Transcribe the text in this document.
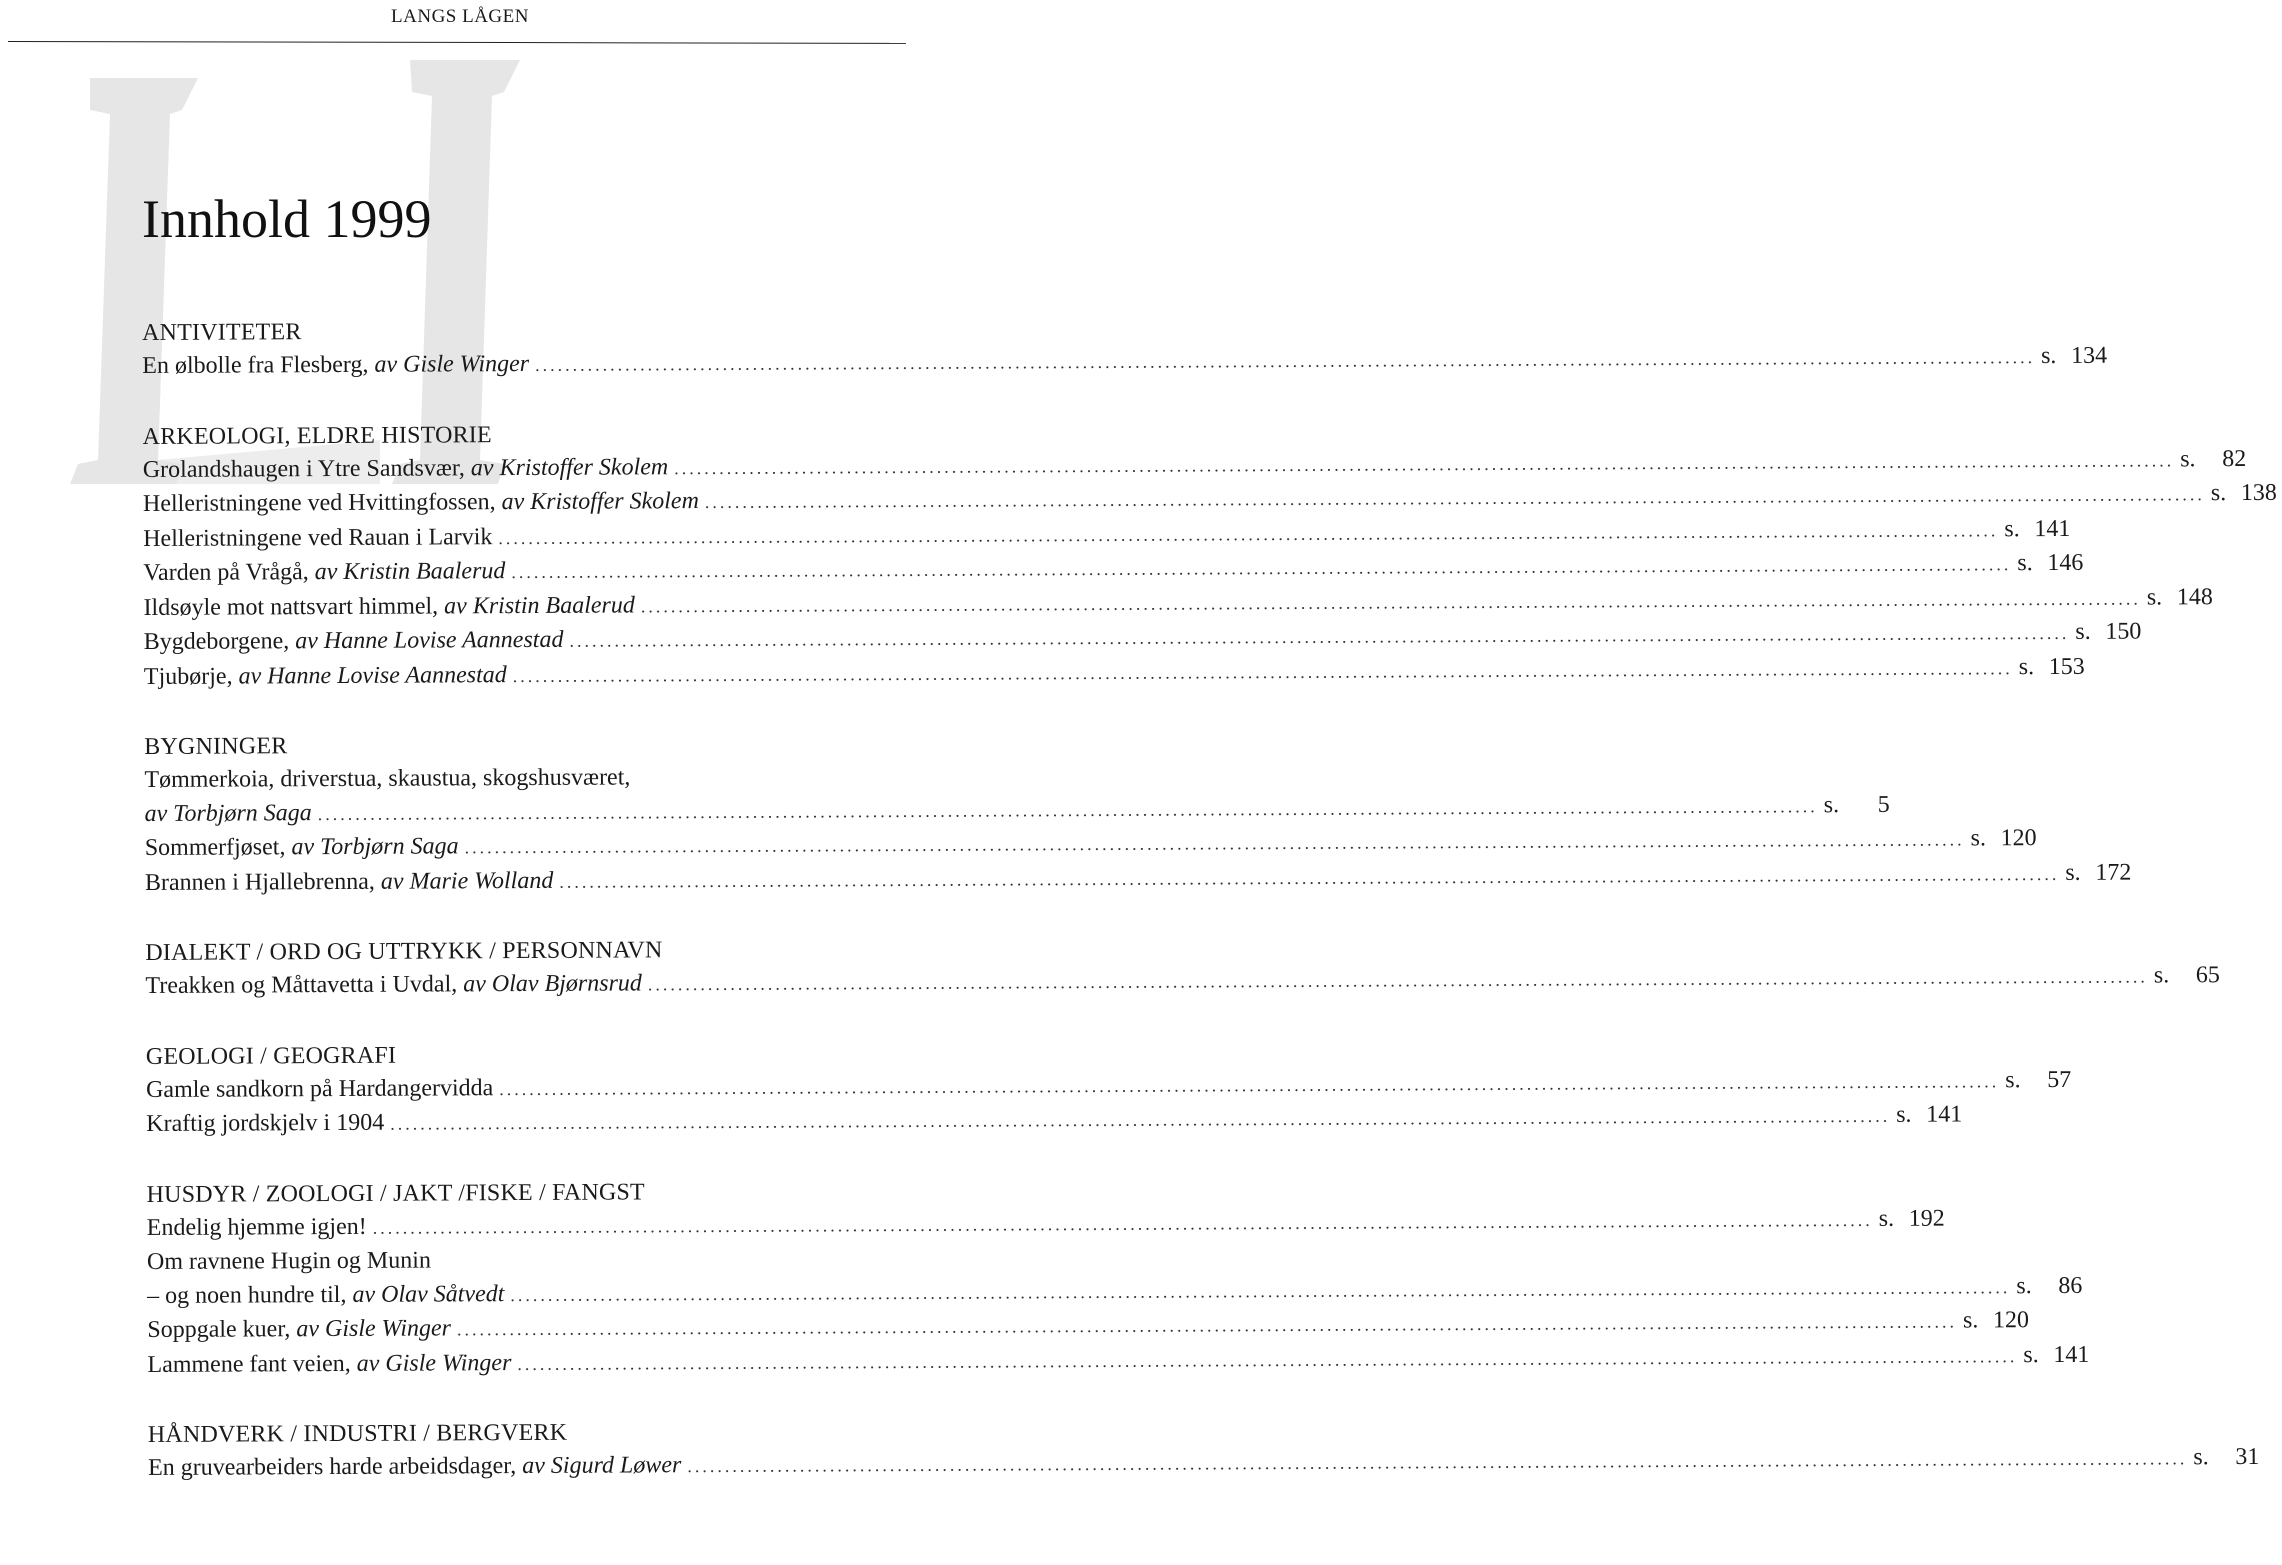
LANGS LÅGEN
Innhold 1999
ANTIVITETER
En ølbolle fra Flesberg, av Gisle Winger ........................................................................................................................................................................................................ s. 134
ARKEOLOGI, ELDRE HISTORIE
Grolandshaugen i Ytre Sandsvær, av Kristoffer Skolem ........................................................................................................................................................................................................ s.	82
Helleristningene ved Hvittingfossen, av Kristoffer Skolem ........................................................................................................................................................................................................ s. 138
Helleristningene ved Rauan i Larvik ........................................................................................................................................................................................................ s. 141
Varden på Vrågå, av Kristin Baalerud ........................................................................................................................................................................................................ s. 146
Ildsøyle mot nattsvart himmel, av Kristin Baalerud ........................................................................................................................................................................................................ s. 148
Bygdeborgene, av Hanne Lovise Aannestad ........................................................................................................................................................................................................ s. 150
Tjubørje, av Hanne Lovise Aannestad ........................................................................................................................................................................................................ s. 153
BYGNINGER
Tømmerkoia, driverstua, skaustua, skogshusværet,
av Torbjørn Saga ........................................................................................................................................................................................................ s.	5
Sommerfjøset, av Torbjørn Saga ........................................................................................................................................................................................................ s. 120
Brannen i Hjallebrenna, av Marie Wolland ........................................................................................................................................................................................................ s. 172
DIALEKT / ORD OG UTTRYKK / PERSONNAVN
Treakken og Måttavetta i Uvdal, av Olav Bjørnsrud ........................................................................................................................................................................................................ s.	65
GEOLOGI / GEOGRAFI
Gamle sandkorn på Hardangervidda ........................................................................................................................................................................................................ s.	57
Kraftig jordskjelv i 1904 ........................................................................................................................................................................................................ s. 141
HUSDYR / ZOOLOGI / JAKT /FISKE / FANGST
Endelig hjemme igjen! ........................................................................................................................................................................................................ s. 192
Om ravnene Hugin og Munin
– og noen hundre til, av Olav Såtvedt ........................................................................................................................................................................................................ s.	86
Soppgale kuer, av Gisle Winger ........................................................................................................................................................................................................ s. 120
Lammene fant veien, av Gisle Winger ........................................................................................................................................................................................................ s. 141
HÅNDVERK / INDUSTRI / BERGVERK
En gruvearbeiders harde arbeidsdager, av Sigurd Løwer ........................................................................................................................................................................................................ s.	31
